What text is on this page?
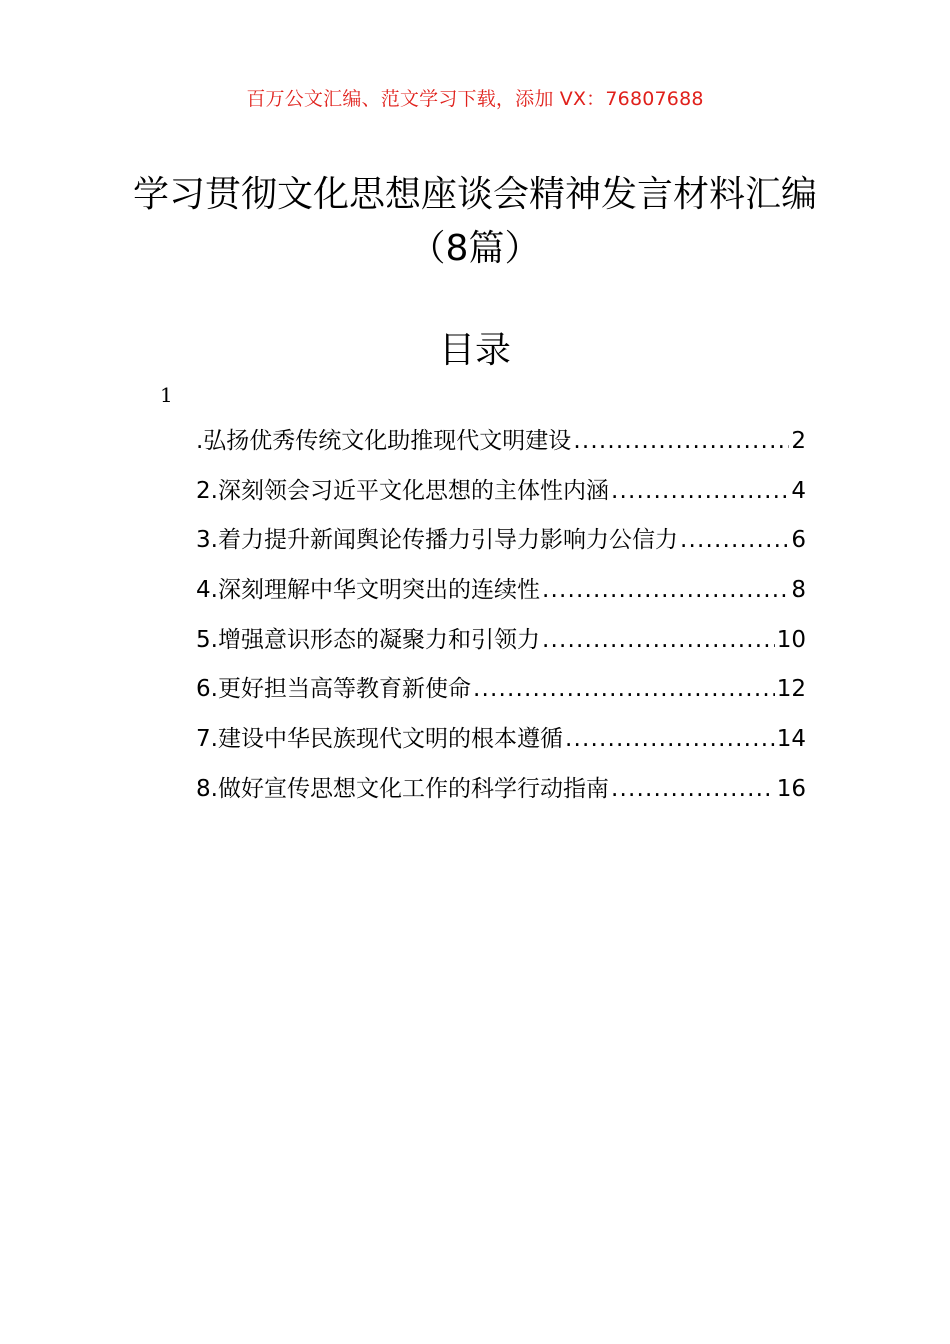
百万公文汇编、范文学习下载，添加 VX：76807688
学习贯彻文化思想座谈会精神发言材料汇编（8篇）
目录
1
.弘扬优秀传统文化助推现代文明建设 .....	2
2.深刻领会习近平文化思想的主体性内涵 .....	4
3.着力提升新闻舆论传播力引导力影响力公信力 .....	6
4.深刻理解中华文明突出的连续性 .....	8
5.增强意识形态的凝聚力和引领力 .....	10
6.更好担当高等教育新使命 .....	12
7.建设中华民族现代文明的根本遵循 .....	14
8.做好宣传思想文化工作的科学行动指南 .....	16
